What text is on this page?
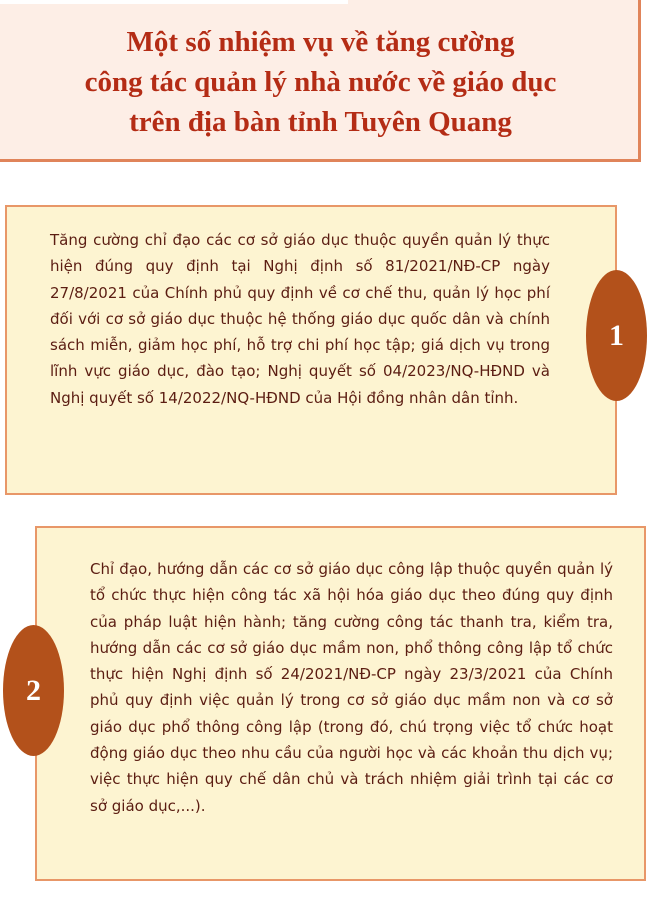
Một số nhiệm vụ về tăng cường
công tác quản lý nhà nước về giáo dục
trên địa bàn tỉnh Tuyên Quang

Tăng cường chỉ đạo các cơ sở giáo dục thuộc quyền quản lý thực hiện đúng quy định tại Nghị định số 81/2021/NĐ-CP ngày 27/8/2021 của Chính phủ quy định về cơ chế thu, quản lý học phí đối với cơ sở giáo dục thuộc hệ thống giáo dục quốc dân và chính sách miễn, giảm học phí, hỗ trợ chi phí học tập; giá dịch vụ trong lĩnh vực giáo dục, đào tạo; Nghị quyết số 04/2023/NQ-HĐND và Nghị quyết số 14/2022/NQ-HĐND của Hội đồng nhân dân tỉnh.

1

Chỉ đạo, hướng dẫn các cơ sở giáo dục công lập thuộc quyền quản lý tổ chức thực hiện công tác xã hội hóa giáo dục theo đúng quy định của pháp luật hiện hành; tăng cường công tác thanh tra, kiểm tra, hướng dẫn các cơ sở giáo dục mầm non, phổ thông công lập tổ chức thực hiện Nghị định số 24/2021/NĐ-CP ngày 23/3/2021 của Chính phủ quy định việc quản lý trong cơ sở giáo dục mầm non và cơ sở giáo dục phổ thông công lập (trong đó, chú trọng việc tổ chức hoạt động giáo dục theo nhu cầu của người học và các khoản thu dịch vụ; việc thực hiện quy chế dân chủ và trách nhiệm giải trình tại các cơ sở giáo dục,...).

2
